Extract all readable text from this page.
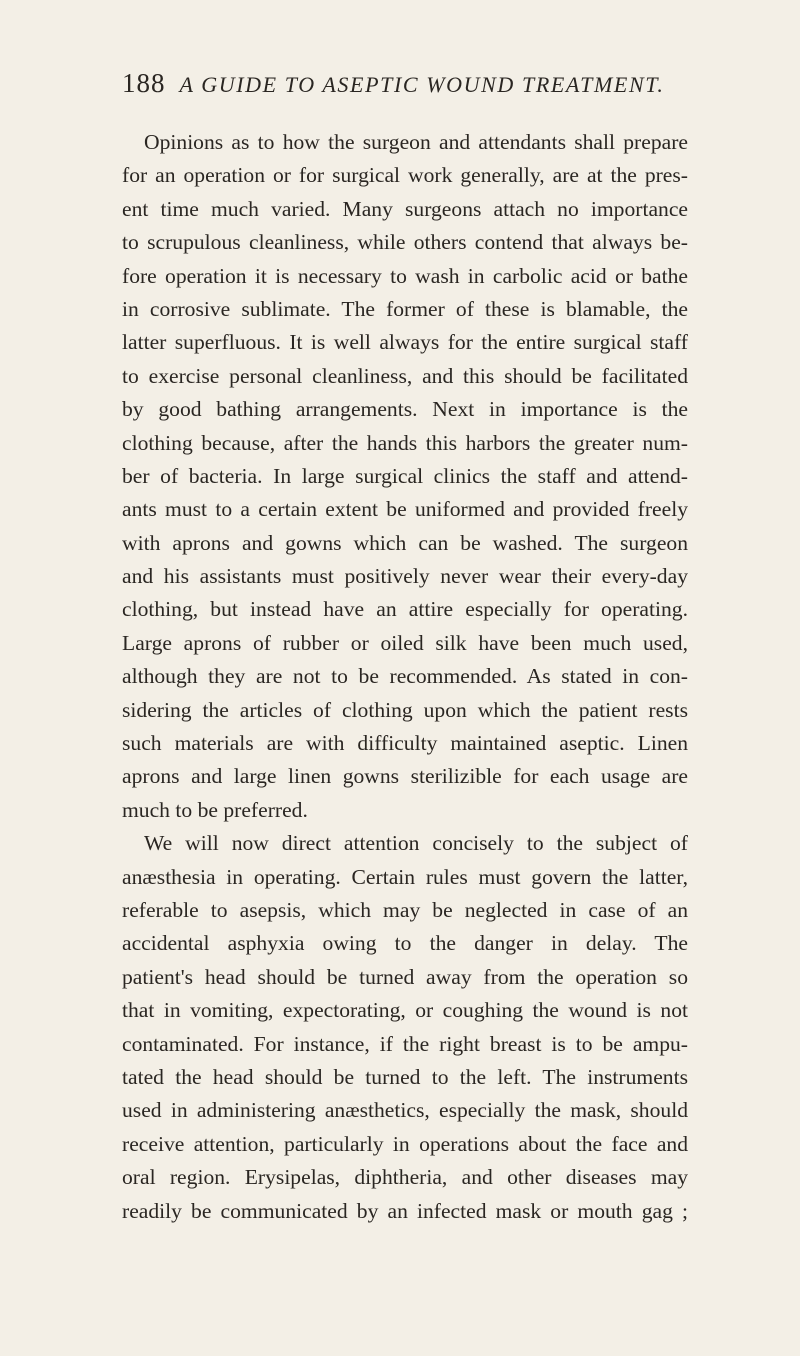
188 A GUIDE TO ASEPTIC WOUND TREATMENT.
Opinions as to how the surgeon and attendants shall prepare
for an operation or for surgical work generally, are at the pres-
ent time much varied. Many surgeons attach no importance
to scrupulous cleanliness, while others contend that always be-
fore operation it is necessary to wash in carbolic acid or bathe
in corrosive sublimate. The former of these is blamable, the
latter superfluous. It is well always for the entire surgical staff
to exercise personal cleanliness, and this should be facilitated
by good bathing arrangements. Next in importance is the
clothing because, after the hands this harbors the greater num-
ber of bacteria. In large surgical clinics the staff and attend-
ants must to a certain extent be uniformed and provided freely
with aprons and gowns which can be washed. The surgeon
and his assistants must positively never wear their every-day
clothing, but instead have an attire especially for operating.
Large aprons of rubber or oiled silk have been much used,
although they are not to be recommended. As stated in con-
sidering the articles of clothing upon which the patient rests
such materials are with difficulty maintained aseptic. Linen
aprons and large linen gowns sterilizible for each usage are
much to be preferred.
We will now direct attention concisely to the subject of
anæsthesia in operating. Certain rules must govern the latter,
referable to asepsis, which may be neglected in case of an
accidental asphyxia owing to the danger in delay. The
patient's head should be turned away from the operation so
that in vomiting, expectorating, or coughing the wound is not
contaminated. For instance, if the right breast is to be ampu-
tated the head should be turned to the left. The instruments
used in administering anæsthetics, especially the mask, should
receive attention, particularly in operations about the face and
oral region. Erysipelas, diphtheria, and other diseases may
readily be communicated by an infected mask or mouth gag ;
